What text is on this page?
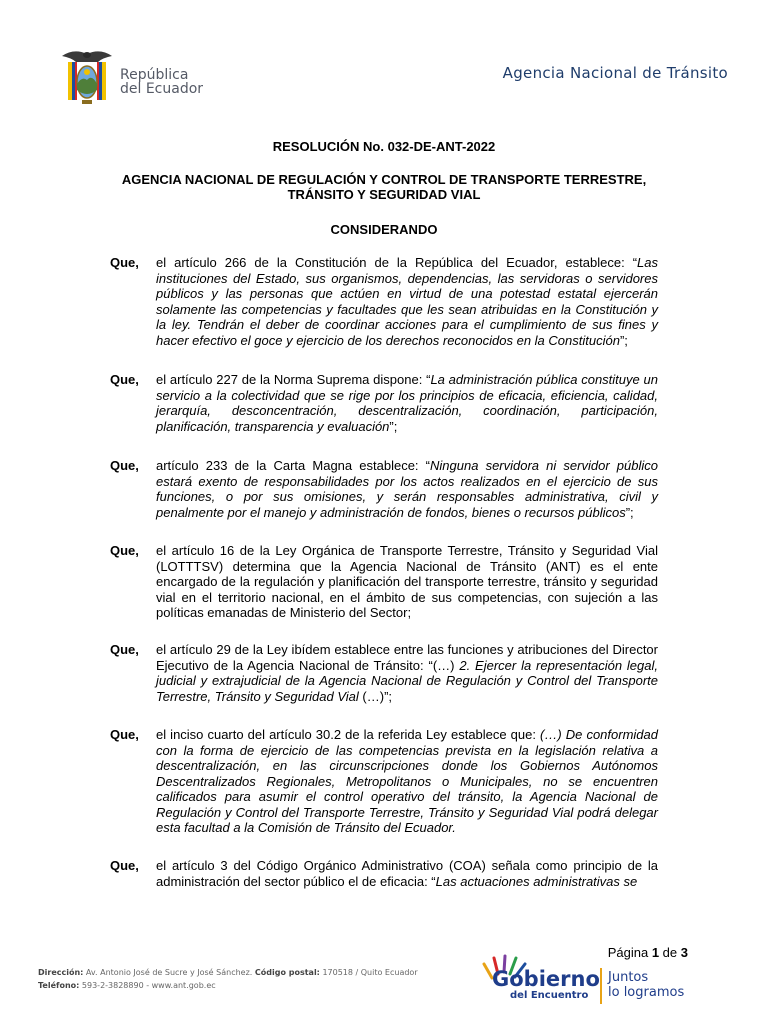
República
del Ecuador
Agencia Nacional de Tránsito
RESOLUCIÓN No. 032-DE-ANT-2022
AGENCIA NACIONAL DE REGULACIÓN Y CONTROL DE TRANSPORTE TERRESTRE,
TRÁNSITO Y SEGURIDAD VIAL
CONSIDERANDO
Que, el artículo 266 de la Constitución de la República del Ecuador, establece: “Las instituciones del Estado, sus organismos, dependencias, las servidoras o servidores públicos y las personas que actúen en virtud de una potestad estatal ejercerán solamente las competencias y facultades que les sean atribuidas en la Constitución y la ley. Tendrán el deber de coordinar acciones para el cumplimiento de sus fines y hacer efectivo el goce y ejercicio de los derechos reconocidos en la Constitución”;
Que, el artículo 227 de la Norma Suprema dispone: “La administración pública constituye un servicio a la colectividad que se rige por los principios de eficacia, eficiencia, calidad, jerarquía, desconcentración, descentralización, coordinación, participación, planificación, transparencia y evaluación”;
Que, artículo 233 de la Carta Magna establece: “Ninguna servidora ni servidor público estará exento de responsabilidades por los actos realizados en el ejercicio de sus funciones, o por sus omisiones, y serán responsables administrativa, civil y penalmente por el manejo y administración de fondos, bienes o recursos públicos”;
Que, el artículo 16 de la Ley Orgánica de Transporte Terrestre, Tránsito y Seguridad Vial (LOTTTSV) determina que la Agencia Nacional de Tránsito (ANT) es el ente encargado de la regulación y planificación del transporte terrestre, tránsito y seguridad vial en el territorio nacional, en el ámbito de sus competencias, con sujeción a las políticas emanadas de Ministerio del Sector;
Que, el artículo 29 de la Ley ibídem establece entre las funciones y atribuciones del Director Ejecutivo de la Agencia Nacional de Tránsito: “(…) 2. Ejercer la representación legal, judicial y extrajudicial de la Agencia Nacional de Regulación y Control del Transporte Terrestre, Tránsito y Seguridad Vial (…)”;
Que, el inciso cuarto del artículo 30.2 de la referida Ley establece que: (…) De conformidad con la forma de ejercicio de las competencias prevista en la legislación relativa a descentralización, en las circunscripciones donde los Gobiernos Autónomos Descentralizados Regionales, Metropolitanos o Municipales, no se encuentren calificados para asumir el control operativo del tránsito, la Agencia Nacional de Regulación y Control del Transporte Terrestre, Tránsito y Seguridad Vial podrá delegar esta facultad a la Comisión de Tránsito del Ecuador.
Que, el artículo 3 del Código Orgánico Administrativo (COA) señala como principio de la administración del sector público el de eficacia: “Las actuaciones administrativas se
Página 1 de 3
Dirección: Av. Antonio José de Sucre y José Sánchez. Código postal: 170518 / Quito Ecuador
Teléfono: 593-2-3828890 - www.ant.gob.ec	Gobierno
del Encuentro
Juntos
lo logramos
